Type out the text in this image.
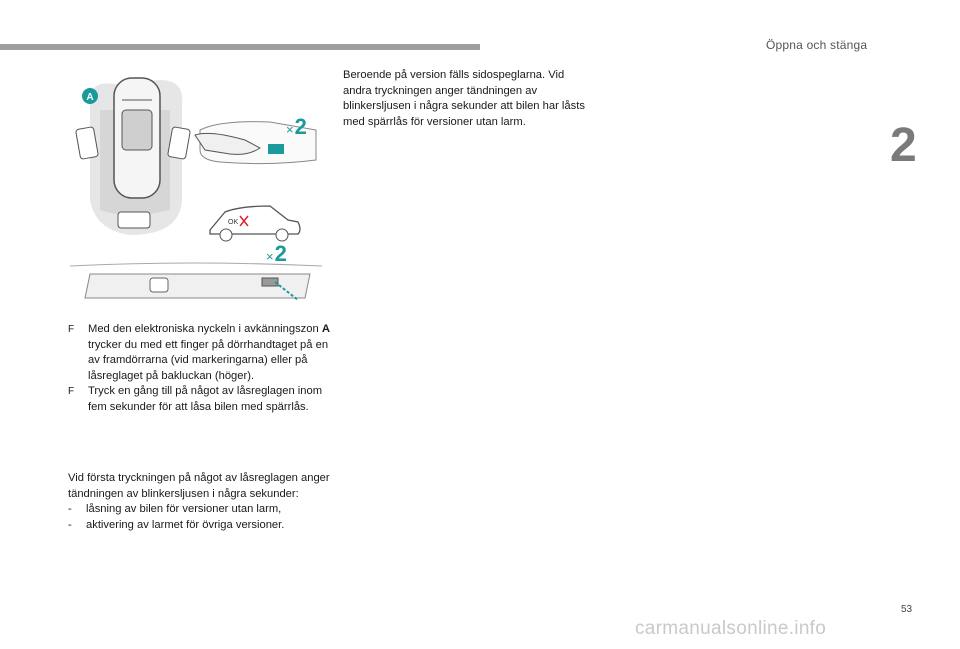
Öppna och stänga
2
A
OK
×2
×2
Beroende på version fälls sidospeglarna. Vid andra tryckningen anger tändningen av blinkersljusen i några sekunder att bilen har låsts med spärrlås för versioner utan larm.
F Med den elektroniska nyckeln i avkänningszon A trycker du med ett finger på dörrhandtaget på en av framdörrarna (vid markeringarna) eller på låsreglaget på bakluckan (höger).
F Tryck en gång till på något av låsreglagen inom fem sekunder för att låsa bilen med spärrlås.
Vid första tryckningen på något av låsreglagen anger tändningen av blinkersljusen i några sekunder:
- låsning av bilen för versioner utan larm,
- aktivering av larmet för övriga versioner.
53
carmanualsonline.info
